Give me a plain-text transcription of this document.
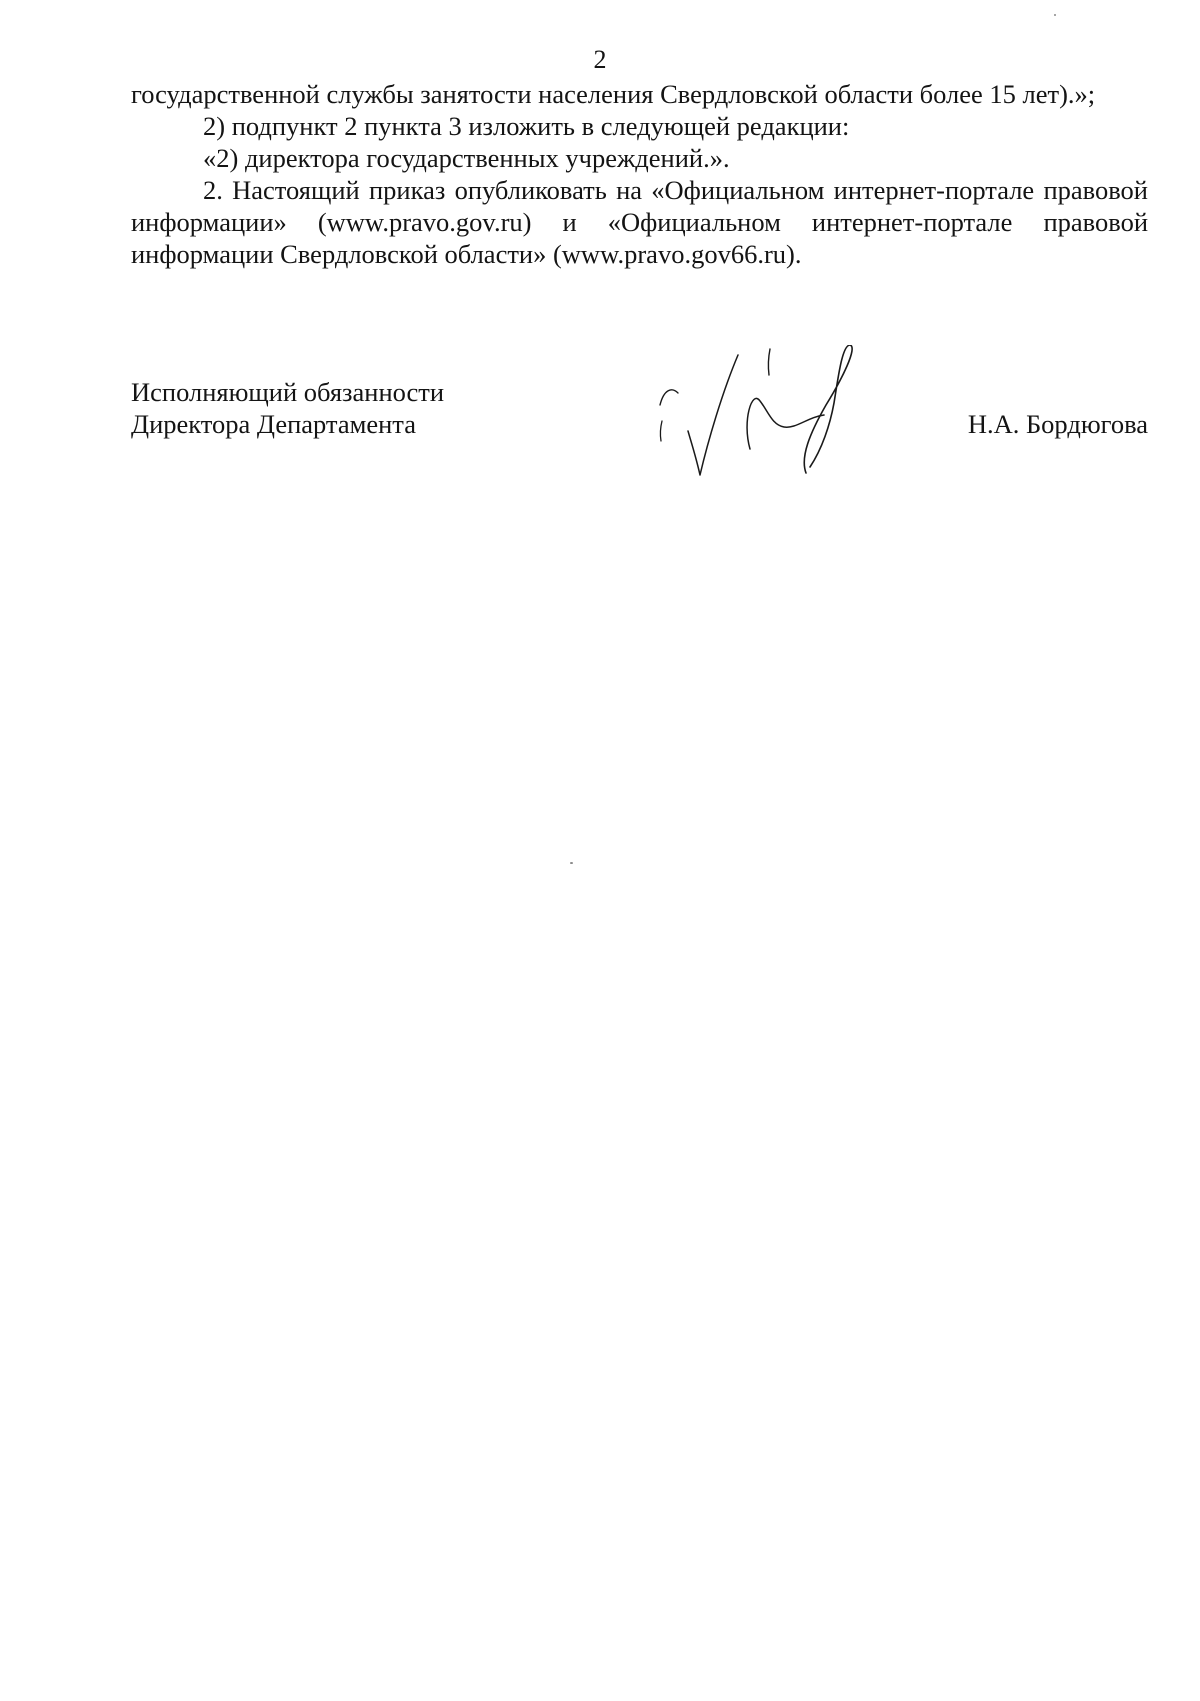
2

государственной службы занятости населения Свердловской области более 15 лет).»;

2) подпункт 2 пункта 3 изложить в следующей редакции:

«2) директора государственных учреждений.».

2. Настоящий приказ опубликовать на «Официальном интернет-портале правовой информации» (www.pravo.gov.ru) и «Официальном интернет-портале правовой информации Свердловской области» (www.pravo.gov66.ru).

Исполняющий обязанности
Директора Департамента	Н.А. Бордюгова
